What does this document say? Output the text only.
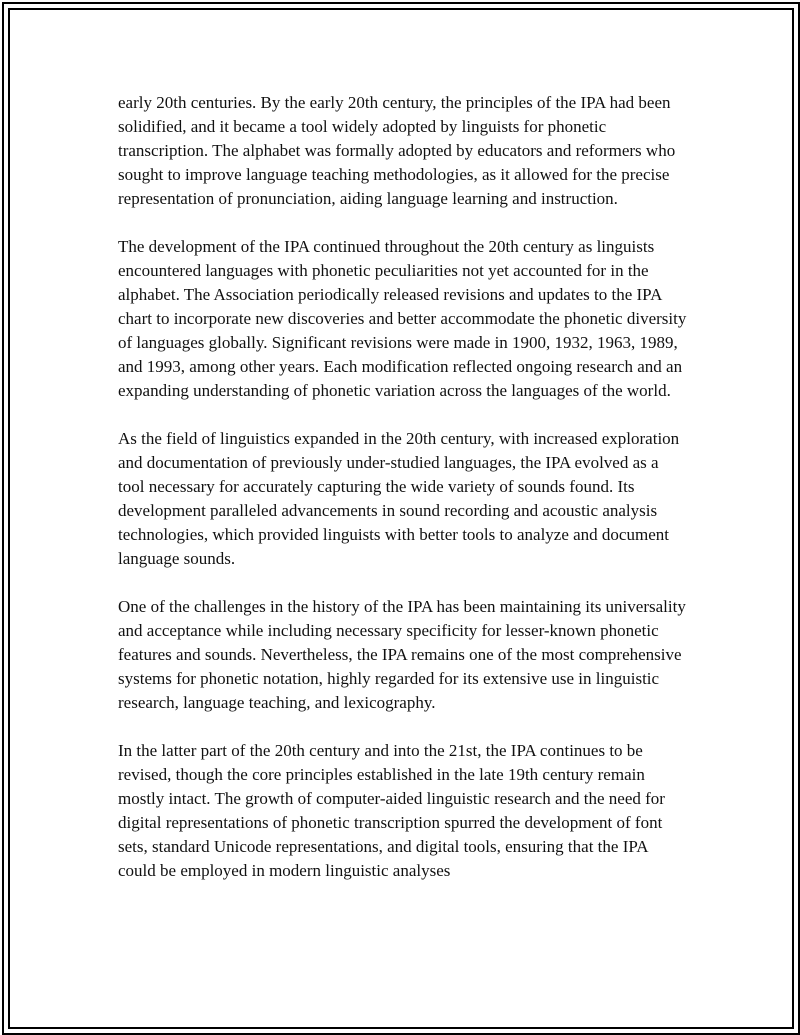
early 20th centuries. By the early 20th century, the principles of the IPA had been solidified, and it became a tool widely adopted by linguists for phonetic transcription. The alphabet was formally adopted by educators and reformers who sought to improve language teaching methodologies, as it allowed for the precise representation of pronunciation, aiding language learning and instruction.

The development of the IPA continued throughout the 20th century as linguists encountered languages with phonetic peculiarities not yet accounted for in the alphabet. The Association periodically released revisions and updates to the IPA chart to incorporate new discoveries and better accommodate the phonetic diversity of languages globally. Significant revisions were made in 1900, 1932, 1963, 1989, and 1993, among other years. Each modification reflected ongoing research and an expanding understanding of phonetic variation across the languages of the world.

As the field of linguistics expanded in the 20th century, with increased exploration and documentation of previously under-studied languages, the IPA evolved as a tool necessary for accurately capturing the wide variety of sounds found. Its development paralleled advancements in sound recording and acoustic analysis technologies, which provided linguists with better tools to analyze and document language sounds.

One of the challenges in the history of the IPA has been maintaining its universality and acceptance while including necessary specificity for lesser-known phonetic features and sounds. Nevertheless, the IPA remains one of the most comprehensive systems for phonetic notation, highly regarded for its extensive use in linguistic research, language teaching, and lexicography.

In the latter part of the 20th century and into the 21st, the IPA continues to be revised, though the core principles established in the late 19th century remain mostly intact. The growth of computer-aided linguistic research and the need for digital representations of phonetic transcription spurred the development of font sets, standard Unicode representations, and digital tools, ensuring that the IPA could be employed in modern linguistic analyses
